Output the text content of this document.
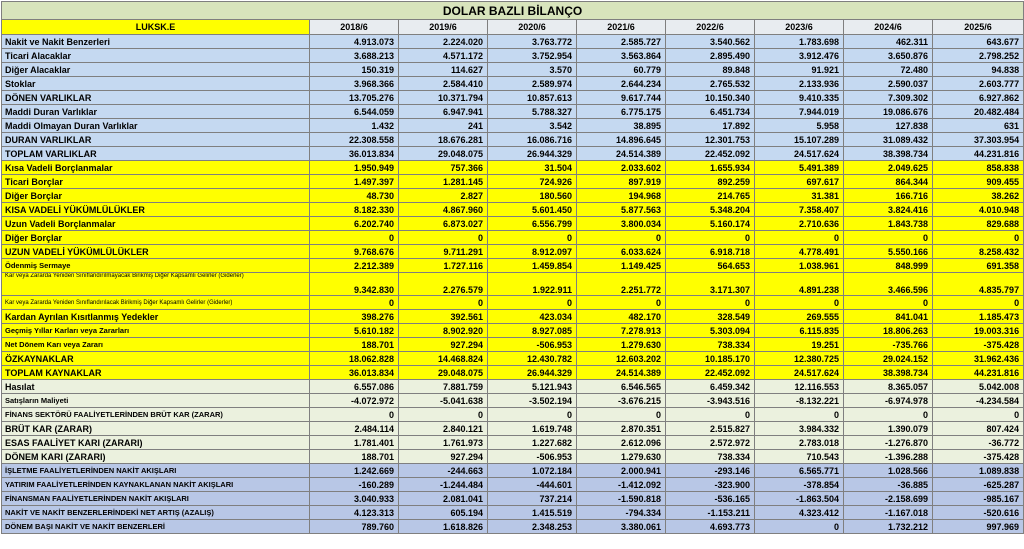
DOLAR BAZLI BİLANÇO								
LUKSK.E	2018/6	2019/6	2020/6	2021/6	2022/6	2023/6	2024/6	2025/6
Nakit ve Nakit Benzerleri	4.913.073	2.224.020	3.763.772	2.585.727	3.540.562	1.783.698	462.311	643.677
Ticari Alacaklar	3.688.213	4.571.172	3.752.954	3.563.864	2.895.490	3.912.476	3.650.876	2.798.252
Diğer Alacaklar	150.319	114.627	3.570	60.779	89.848	91.921	72.480	94.838
Stoklar	3.968.366	2.584.410	2.589.974	2.644.234	2.765.532	2.133.936	2.590.037	2.603.777
DÖNEN VARLIKLAR	13.705.276	10.371.794	10.857.613	9.617.744	10.150.340	9.410.335	7.309.302	6.927.862
Maddi Duran Varlıklar	6.544.059	6.947.941	5.788.327	6.775.175	6.451.734	7.944.019	19.086.676	20.482.484
Maddi Olmayan Duran Varlıklar	1.432	241	3.542	38.895	17.892	5.958	127.838	631
DURAN VARLIKLAR	22.308.558	18.676.281	16.086.716	14.896.645	12.301.753	15.107.289	31.089.432	37.303.954
TOPLAM VARLIKLAR	36.013.834	29.048.075	26.944.329	24.514.389	22.452.092	24.517.624	38.398.734	44.231.816
Kısa Vadeli Borçlanmalar	1.950.949	757.366	31.504	2.033.602	1.655.934	5.491.389	2.049.625	858.838
Ticari Borçlar	1.497.397	1.281.145	724.926	897.919	892.259	697.617	864.344	909.455
Diğer Borçlar	48.730	2.827	180.560	194.968	214.765	31.381	166.716	38.262
KISA VADELİ YÜKÜMLÜLÜKLER	8.182.330	4.867.960	5.601.450	5.877.563	5.348.204	7.358.407	3.824.416	4.010.948
Uzun Vadeli Borçlanmalar	6.202.740	6.873.027	6.556.799	3.800.034	5.160.174	2.710.636	1.843.738	829.688
Diğer Borçlar	0	0	0	0	0	0	0	0
UZUN VADELİ YÜKÜMLÜLÜKLER	9.768.676	9.711.291	8.912.097	6.033.624	6.918.718	4.778.491	5.550.166	8.258.432
Ödenmiş Sermaye	2.212.389	1.727.116	1.459.854	1.149.425	564.653	1.038.961	848.999	691.358
Kar veya Zararda Yeniden Sınıflandırılmayacak Birikmiş Diğer Kapsamlı Gelirler (Giderler)	9.342.830	2.276.579	1.922.911	2.251.772	3.171.307	4.891.238	3.466.596	4.835.797
Kar veya Zararda Yeniden Sınıflandırılacak Birikmiş Diğer Kapsamlı Gelirler (Giderler)	0	0	0	0	0	0	0	0
Kardan Ayrılan Kısıtlanmış Yedekler	398.276	392.561	423.034	482.170	328.549	269.555	841.041	1.185.473
Geçmiş Yıllar Karları veya Zararları	5.610.182	8.902.920	8.927.085	7.278.913	5.303.094	6.115.835	18.806.263	19.003.316
Net Dönem Karı veya Zararı	188.701	927.294	-506.953	1.279.630	738.334	19.251	-735.766	-375.428
ÖZKAYNAKLAR	18.062.828	14.468.824	12.430.782	12.603.202	10.185.170	12.380.725	29.024.152	31.962.436
TOPLAM KAYNAKLAR	36.013.834	29.048.075	26.944.329	24.514.389	22.452.092	24.517.624	38.398.734	44.231.816
Hasılat	6.557.086	7.881.759	5.121.943	6.546.565	6.459.342	12.116.553	8.365.057	5.042.008
Satışların Maliyeti	-4.072.972	-5.041.638	-3.502.194	-3.676.215	-3.943.516	-8.132.221	-6.974.978	-4.234.584
FİNANS SEKTÖRÜ FAALİYETLERİNDEN BRÜT KAR (ZARAR)	0	0	0	0	0	0	0	0
BRÜT KAR (ZARAR)	2.484.114	2.840.121	1.619.748	2.870.351	2.515.827	3.984.332	1.390.079	807.424
ESAS FAALİYET KARI (ZARARI)	1.781.401	1.761.973	1.227.682	2.612.096	2.572.972	2.783.018	-1.276.870	-36.772
DÖNEM KARI (ZARARI)	188.701	927.294	-506.953	1.279.630	738.334	710.543	-1.396.288	-375.428
İŞLETME FAALİYETLERİNDEN NAKİT AKIŞLARI	1.242.669	-244.663	1.072.184	2.000.941	-293.146	6.565.771	1.028.566	1.089.838
YATIRIM FAALİYETLERİNDEN KAYNAKLANAN NAKİT AKIŞLARI	-160.289	-1.244.484	-444.601	-1.412.092	-323.900	-378.854	-36.885	-625.287
FİNANSMAN FAALİYETLERİNDEN NAKİT AKIŞLARI	3.040.933	2.081.041	737.214	-1.590.818	-536.165	-1.863.504	-2.158.699	-985.167
NAKİT VE NAKİT BENZERLERİNDEKİ NET ARTIŞ (AZALIŞ)	4.123.313	605.194	1.415.519	-794.334	-1.153.211	4.323.412	-1.167.018	-520.616
DÖNEM BAŞI NAKİT VE NAKİT BENZERLERİ	789.760	1.618.826	2.348.253	3.380.061	4.693.773	0	1.732.212	997.969
